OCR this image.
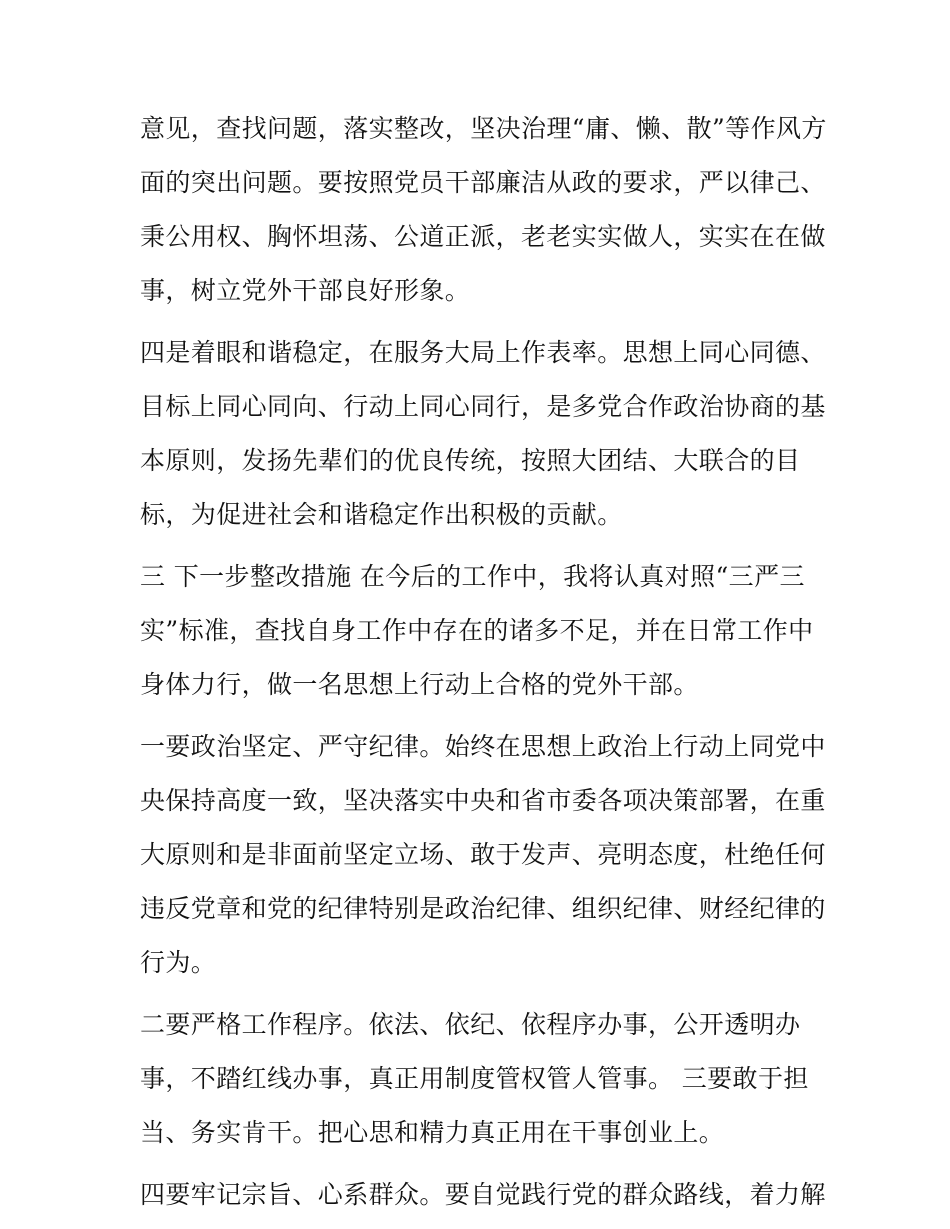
意见，查找问题，落实整改，坚决治理“庸、懒、散”等作风方
面的突出问题。要按照党员干部廉洁从政的要求，严以律己、
秉公用权、胸怀坦荡、公道正派，老老实实做人，实实在在做
事，树立党外干部良好形象。
四是着眼和谐稳定，在服务大局上作表率。思想上同心同德、
目标上同心同向、行动上同心同行，是多党合作政治协商的基
本原则，发扬先辈们的优良传统，按照大团结、大联合的目
标，为促进社会和谐稳定作出积极的贡献。
三 下一步整改措施 在今后的工作中，我将认真对照“三严三
实”标准，查找自身工作中存在的诸多不足，并在日常工作中
身体力行，做一名思想上行动上合格的党外干部。
一要政治坚定、严守纪律。始终在思想上政治上行动上同党中
央保持高度一致，坚决落实中央和省市委各项决策部署，在重
大原则和是非面前坚定立场、敢于发声、亮明态度，杜绝任何
违反党章和党的纪律特别是政治纪律、组织纪律、财经纪律的
行为。
二要严格工作程序。依法、依纪、依程序办事，公开透明办
事，不踏红线办事，真正用制度管权管人管事。 三要敢于担
当、务实肯干。把心思和精力真正用在干事创业上。
四要牢记宗旨、心系群众。要自觉践行党的群众路线，着力解
